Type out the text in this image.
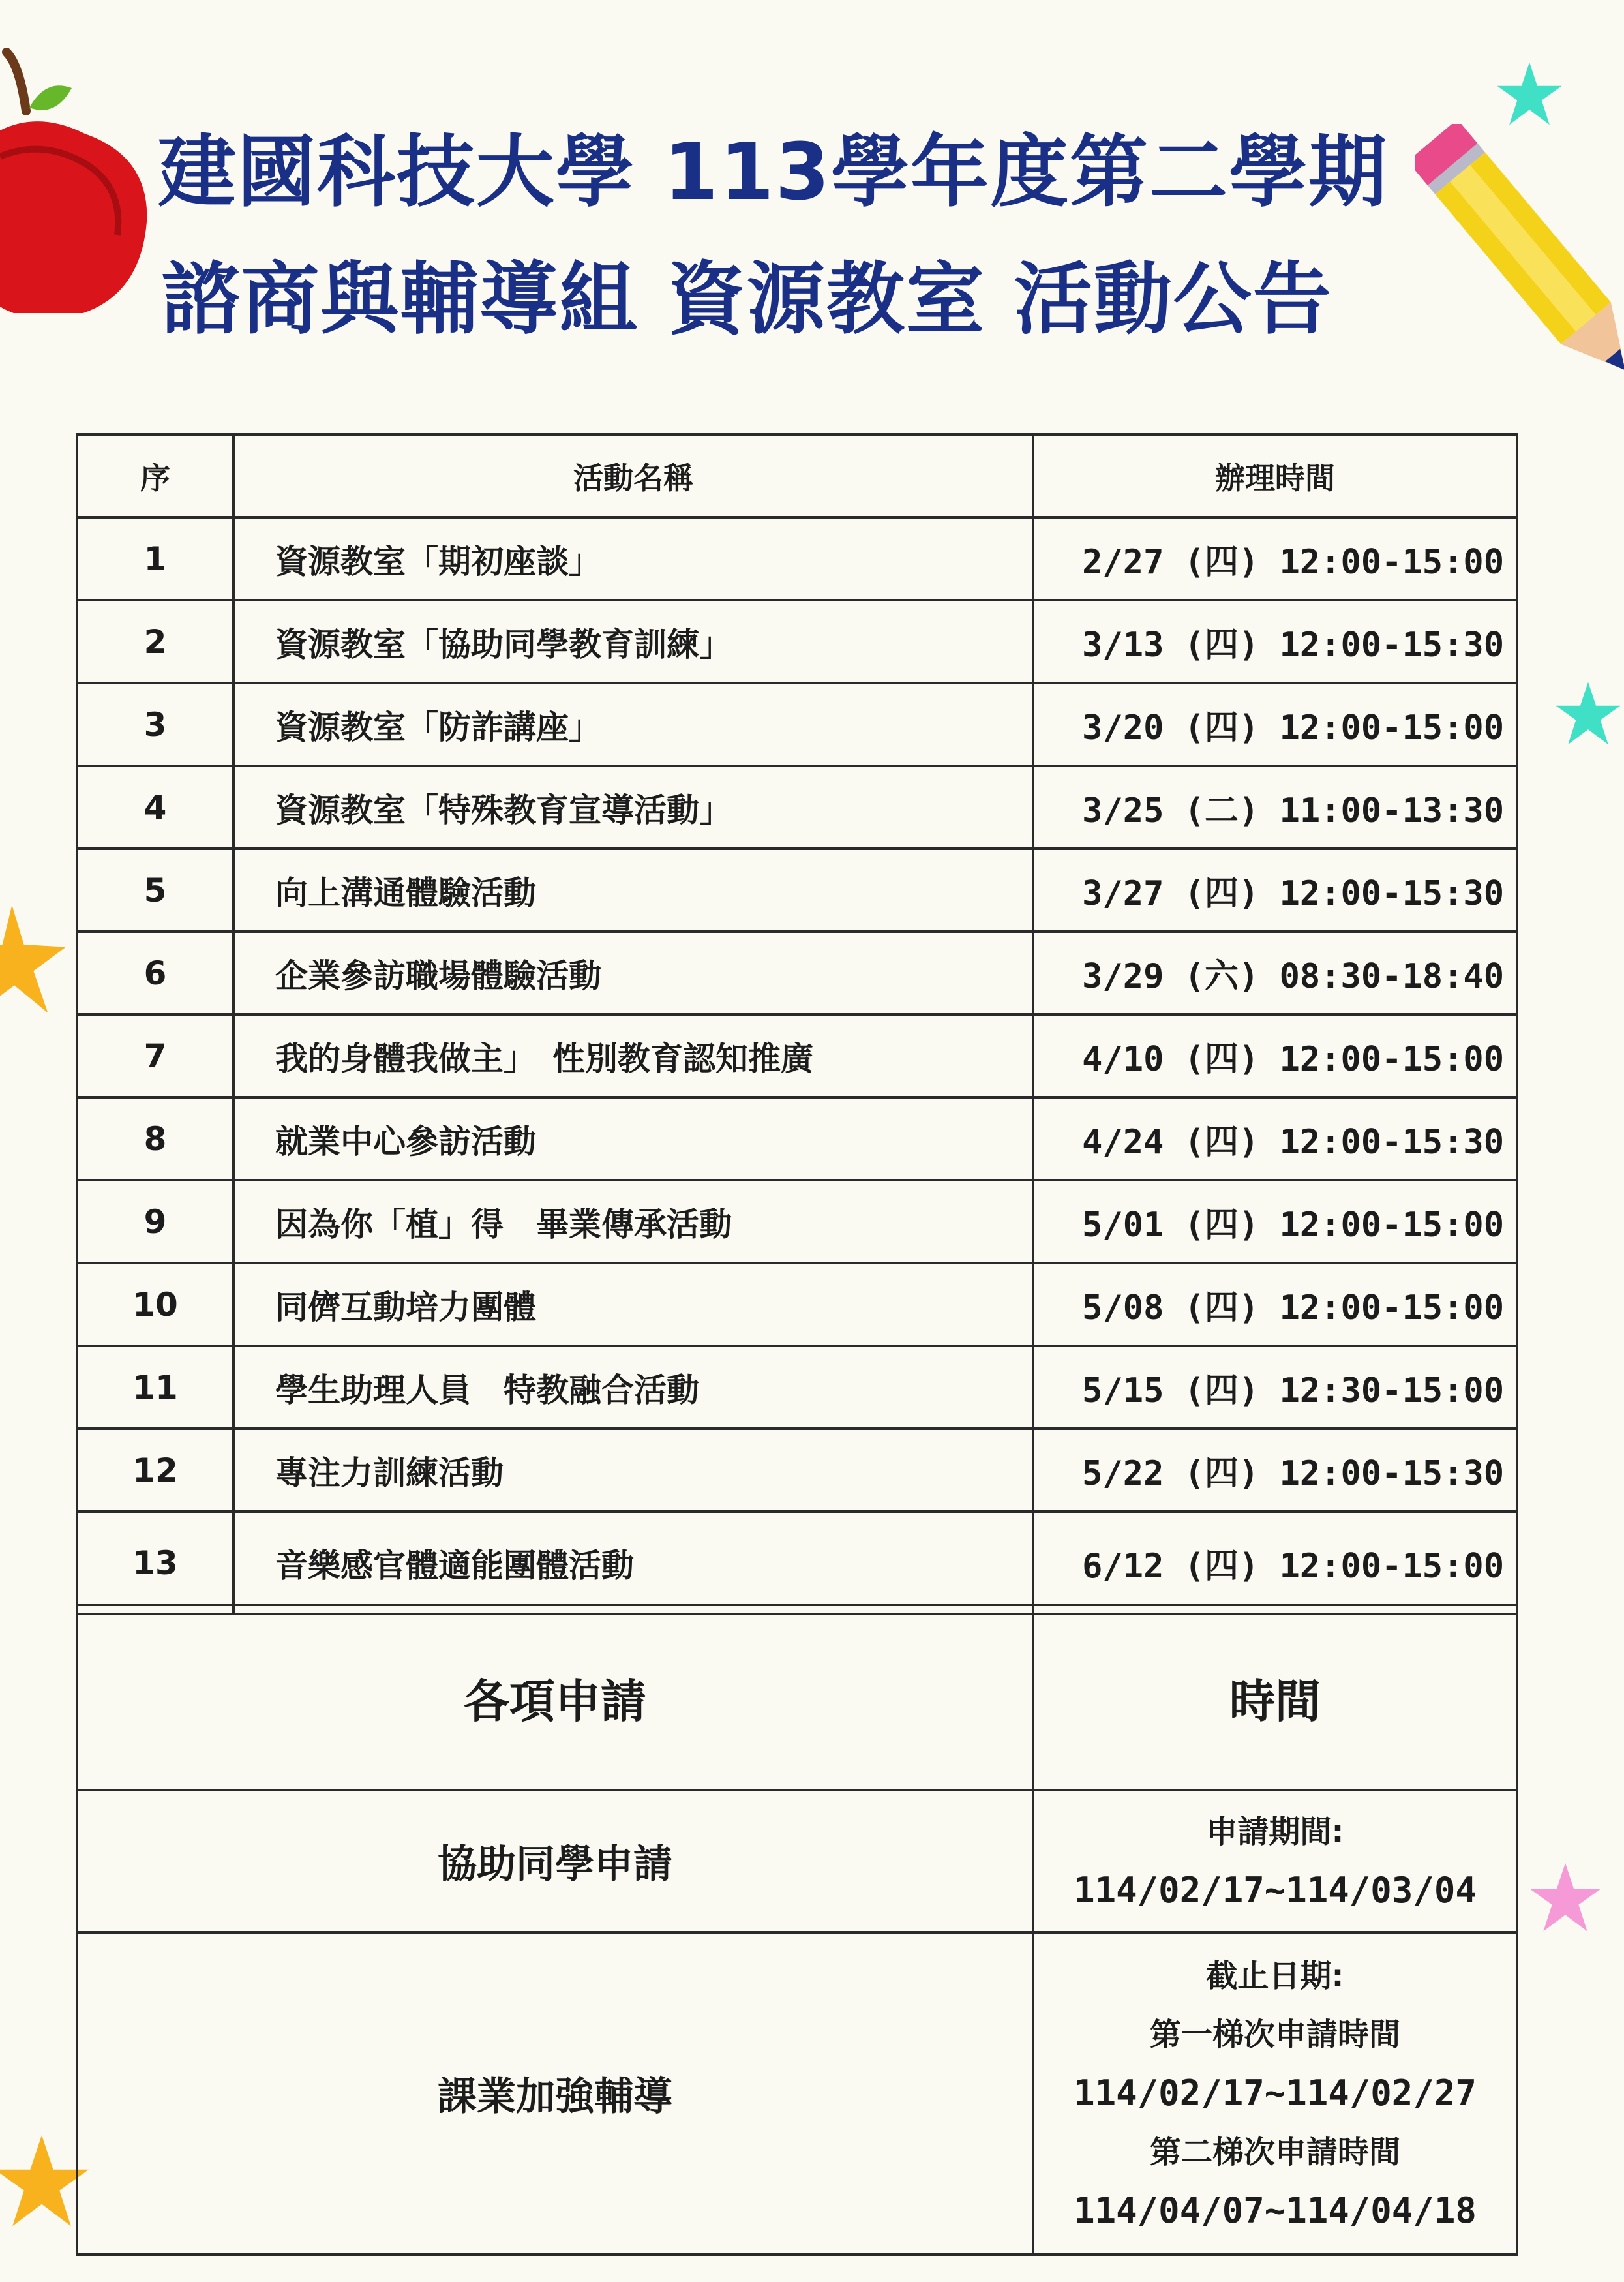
建國科技大學 113學年度第二學期
諮商與輔導組 資源教室 活動公告
序	活動名稱	辦理時間
1	資源教室「期初座談」	2/27 (四) 12:00-15:00
2	資源教室「協助同學教育訓練」	3/13 (四) 12:00-15:30
3	資源教室「防詐講座」	3/20 (四) 12:00-15:00
4	資源教室「特殊教育宣導活動」	3/25 (二) 11:00-13:30
5	向上溝通體驗活動	3/27 (四) 12:00-15:30
6	企業參訪職場體驗活動	3/29 (六) 08:30-18:40
7	我的身體我做主」　性別教育認知推廣	4/10 (四) 12:00-15:00
8	就業中心參訪活動	4/24 (四) 12:00-15:30
9	因為你「植」得　畢業傳承活動	5/01 (四) 12:00-15:00
10	同儕互動培力團體	5/08 (四) 12:00-15:00
11	學生助理人員　特教融合活動	5/15 (四) 12:30-15:00
12	專注力訓練活動	5/22 (四) 12:00-15:30
13	音樂感官體適能團體活動	6/12 (四) 12:00-15:00
各項申請	時間
協助同學申請	申請期間:
114/02/17~114/03/04

課業加強輔導	截止日期:
第一梯次申請時間
114/02/17~114/02/27
第二梯次申請時間
114/04/07~114/04/18
